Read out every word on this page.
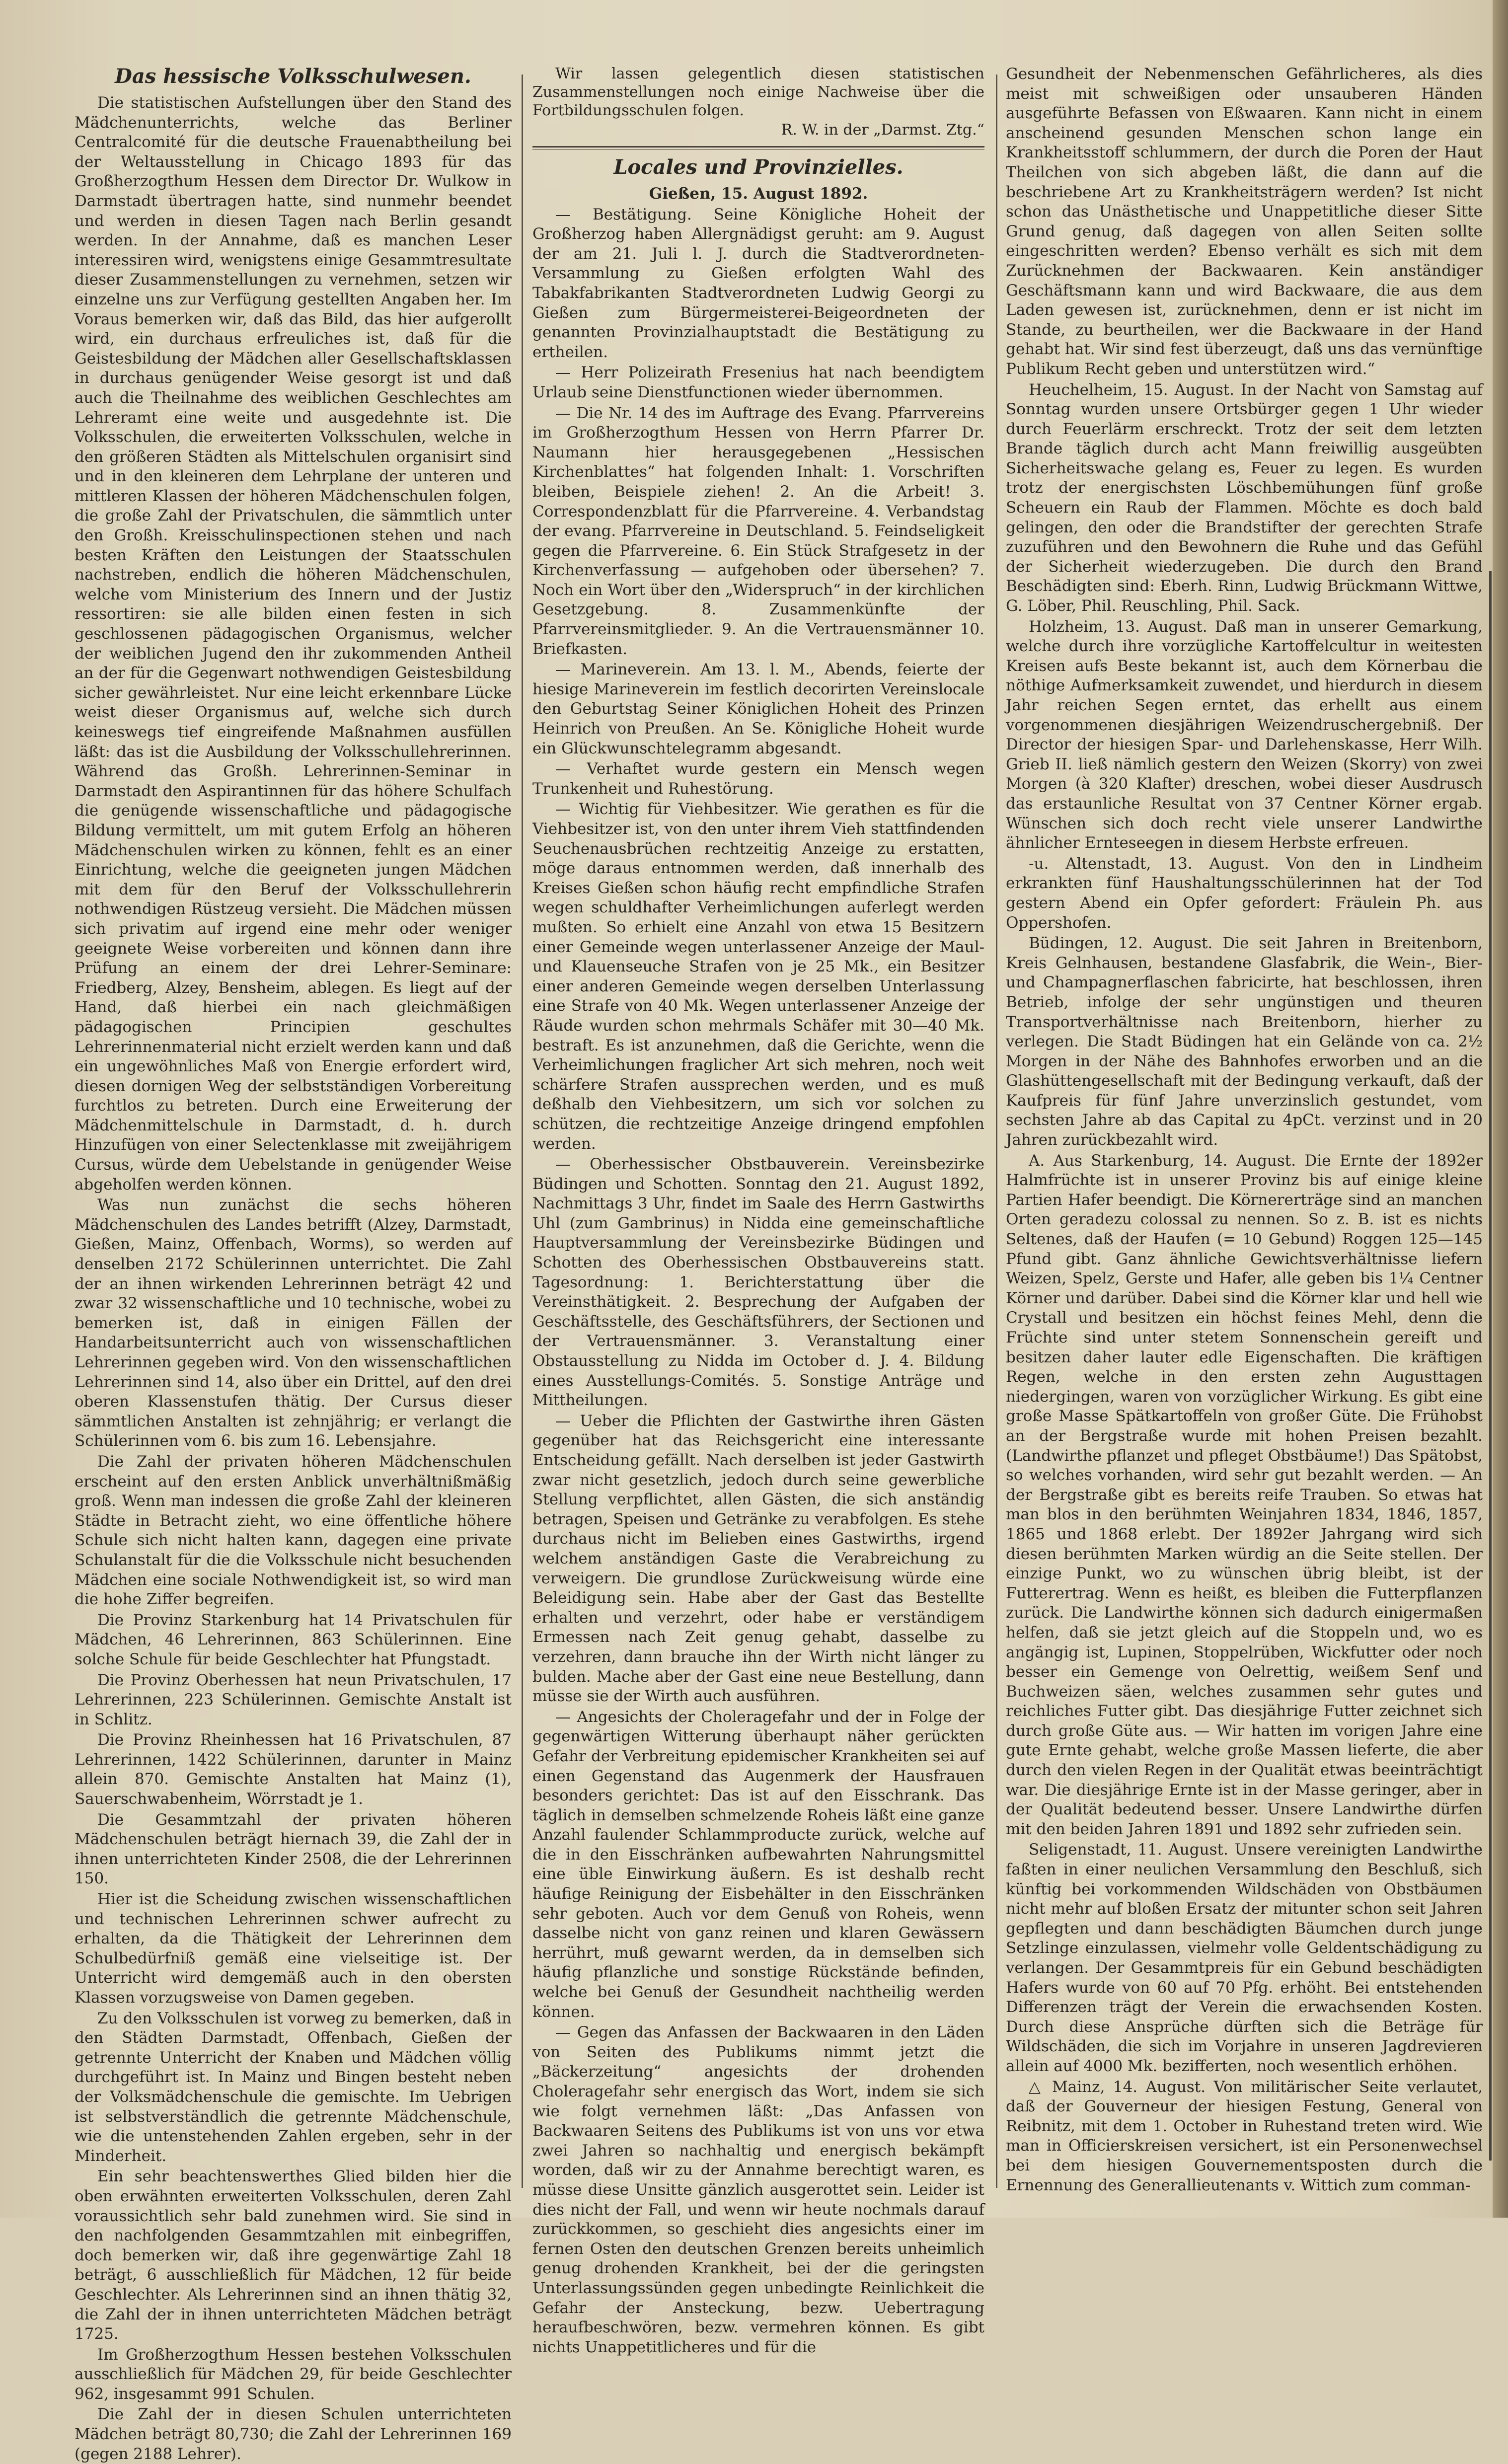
Das hessische Volksschulwesen.

Die statistischen Aufstellungen über den Stand des Mädchenunterrichts, welche das Berliner Centralcomité für die deutsche Frauenabtheilung bei der Weltausstellung in Chicago 1893 für das Großherzogthum Hessen dem Director Dr. Wulkow in Darmstadt übertragen hatte, sind nunmehr beendet und werden in diesen Tagen nach Berlin gesandt werden. In der Annahme, daß es manchen Leser interessiren wird, wenigstens einige Gesammtresultate dieser Zusammenstellungen zu vernehmen, setzen wir einzelne uns zur Verfügung gestellten Angaben her. Im Voraus bemerken wir, daß das Bild, das hier aufgerollt wird, ein durchaus erfreuliches ist, daß für die Geistesbildung der Mädchen aller Gesellschaftsklassen in durchaus genügender Weise gesorgt ist und daß auch die Theilnahme des weiblichen Geschlechtes am Lehreramt eine weite und ausgedehnte ist. Die Volksschulen, die erweiterten Volksschulen, welche in den größeren Städten als Mittelschulen organisirt sind und in den kleineren dem Lehrplane der unteren und mittleren Klassen der höheren Mädchenschulen folgen, die große Zahl der Privatschulen, die sämmtlich unter den Großh. Kreisschulinspectionen stehen und nach besten Kräften den Leistungen der Staatsschulen nachstreben, endlich die höheren Mädchenschulen, welche vom Ministerium des Innern und der Justiz ressortiren: sie alle bilden einen festen in sich geschlossenen pädagogischen Organismus, welcher der weiblichen Jugend den ihr zukommenden Antheil an der für die Gegenwart nothwendigen Geistesbildung sicher gewährleistet. Nur eine leicht erkennbare Lücke weist dieser Organismus auf, welche sich durch keineswegs tief eingreifende Maßnahmen ausfüllen läßt: das ist die Ausbildung der Volksschullehrerinnen. Während das Großh. Lehrerinnen-Seminar in Darmstadt den Aspirantinnen für das höhere Schulfach die genügende wissenschaftliche und pädagogische Bildung vermittelt, um mit gutem Erfolg an höheren Mädchenschulen wirken zu können, fehlt es an einer Einrichtung, welche die geeigneten jungen Mädchen mit dem für den Beruf der Volksschullehrerin nothwendigen Rüstzeug versieht. Die Mädchen müssen sich privatim auf irgend eine mehr oder weniger geeignete Weise vorbereiten und können dann ihre Prüfung an einem der drei Lehrer-Seminare: Friedberg, Alzey, Bensheim, ablegen. Es liegt auf der Hand, daß hierbei ein nach gleichmäßigen pädagogischen Principien geschultes Lehrerinnenmaterial nicht erzielt werden kann und daß ein ungewöhnliches Maß von Energie erfordert wird, diesen dornigen Weg der selbstständigen Vorbereitung furchtlos zu betreten. Durch eine Erweiterung der Mädchenmittelschule in Darmstadt, d. h. durch Hinzufügen von einer Selectenklasse mit zweijährigem Cursus, würde dem Uebelstande in genügender Weise abgeholfen werden können.

Was nun zunächst die sechs höheren Mädchenschulen des Landes betrifft (Alzey, Darmstadt, Gießen, Mainz, Offenbach, Worms), so werden auf denselben 2172 Schülerinnen unterrichtet. Die Zahl der an ihnen wirkenden Lehrerinnen beträgt 42 und zwar 32 wissenschaftliche und 10 technische, wobei zu bemerken ist, daß in einigen Fällen der Handarbeitsunterricht auch von wissenschaftlichen Lehrerinnen gegeben wird. Von den wissenschaftlichen Lehrerinnen sind 14, also über ein Drittel, auf den drei oberen Klassenstufen thätig. Der Cursus dieser sämmtlichen Anstalten ist zehnjährig; er verlangt die Schülerinnen vom 6. bis zum 16. Lebensjahre.

Die Zahl der privaten höheren Mädchenschulen erscheint auf den ersten Anblick unverhältnißmäßig groß. Wenn man indessen die große Zahl der kleineren Städte in Betracht zieht, wo eine öffentliche höhere Schule sich nicht halten kann, dagegen eine private Schulanstalt für die die Volksschule nicht besuchenden Mädchen eine sociale Nothwendigkeit ist, so wird man die hohe Ziffer begreifen.

Die Provinz Starkenburg hat 14 Privatschulen für Mädchen, 46 Lehrerinnen, 863 Schülerinnen. Eine solche Schule für beide Geschlechter hat Pfungstadt.

Die Provinz Oberhessen hat neun Privatschulen, 17 Lehrerinnen, 223 Schülerinnen. Gemischte Anstalt ist in Schlitz.

Die Provinz Rheinhessen hat 16 Privatschulen, 87 Lehrerinnen, 1422 Schülerinnen, darunter in Mainz allein 870. Gemischte Anstalten hat Mainz (1), Sauerschwabenheim, Wörrstadt je 1.

Die Gesammtzahl der privaten höheren Mädchenschulen beträgt hiernach 39, die Zahl der in ihnen unterrichteten Kinder 2508, die der Lehrerinnen 150.

Hier ist die Scheidung zwischen wissenschaftlichen und technischen Lehrerinnen schwer aufrecht zu erhalten, da die Thätigkeit der Lehrerinnen dem Schulbedürfniß gemäß eine vielseitige ist. Der Unterricht wird demgemäß auch in den obersten Klassen vorzugsweise von Damen gegeben.

Zu den Volksschulen ist vorweg zu bemerken, daß in den Städten Darmstadt, Offenbach, Gießen der getrennte Unterricht der Knaben und Mädchen völlig durchgeführt ist. In Mainz und Bingen besteht neben der Volksmädchenschule die gemischte. Im Uebrigen ist selbstverständlich die getrennte Mädchenschule, wie die untenstehenden Zahlen ergeben, sehr in der Minderheit.

Ein sehr beachtenswerthes Glied bilden hier die oben erwähnten erweiterten Volksschulen, deren Zahl voraussichtlich sehr bald zunehmen wird. Sie sind in den nachfolgenden Gesammtzahlen mit einbegriffen, doch bemerken wir, daß ihre gegenwärtige Zahl 18 beträgt, 6 ausschließlich für Mädchen, 12 für beide Geschlechter. Als Lehrerinnen sind an ihnen thätig 32, die Zahl der in ihnen unterrichteten Mädchen beträgt 1725.

Im Großherzogthum Hessen bestehen Volksschulen ausschließlich für Mädchen 29, für beide Geschlechter 962, insgesammt 991 Schulen.

Die Zahl der in diesen Schulen unterrichteten Mädchen beträgt 80,730; die Zahl der Lehrerinnen 169 (gegen 2188 Lehrer).

Wir lassen gelegentlich diesen statistischen Zusammenstellungen noch einige Nachweise über die Fortbildungsschulen folgen.

R. W. in der „Darmst. Ztg.“

Locales und Provinzielles.

Gießen, 15. August 1892.

— Bestätigung. Seine Königliche Hoheit der Großherzog haben Allergnädigst geruht: am 9. August der am 21. Juli l. J. durch die Stadtverordneten-Versammlung zu Gießen erfolgten Wahl des Tabakfabrikanten Stadtverordneten Ludwig Georgi zu Gießen zum Bürgermeisterei-Beigeordneten der genannten Provinzialhauptstadt die Bestätigung zu ertheilen.

— Herr Polizeirath Fresenius hat nach beendigtem Urlaub seine Dienstfunctionen wieder übernommen.

— Die Nr. 14 des im Auftrage des Evang. Pfarrvereins im Großherzogthum Hessen von Herrn Pfarrer Dr. Naumann hier herausgegebenen „Hessischen Kirchenblattes“ hat folgenden Inhalt: 1. Vorschriften bleiben, Beispiele ziehen! 2. An die Arbeit! 3. Correspondenzblatt für die Pfarrvereine. 4. Verbandstag der evang. Pfarrvereine in Deutschland. 5. Feindseligkeit gegen die Pfarrvereine. 6. Ein Stück Strafgesetz in der Kirchenverfassung — aufgehoben oder übersehen? 7. Noch ein Wort über den „Widerspruch“ in der kirchlichen Gesetzgebung. 8. Zusammenkünfte der Pfarrvereinsmitglieder. 9. An die Vertrauensmänner 10. Briefkasten.

— Marineverein. Am 13. l. M., Abends, feierte der hiesige Marineverein im festlich decorirten Vereinslocale den Geburtstag Seiner Königlichen Hoheit des Prinzen Heinrich von Preußen. An Se. Königliche Hoheit wurde ein Glückwunschtelegramm abgesandt.

— Verhaftet wurde gestern ein Mensch wegen Trunkenheit und Ruhestörung.

— Wichtig für Viehbesitzer. Wie gerathen es für die Viehbesitzer ist, von den unter ihrem Vieh stattfindenden Seuchenausbrüchen rechtzeitig Anzeige zu erstatten, möge daraus entnommen werden, daß innerhalb des Kreises Gießen schon häufig recht empfindliche Strafen wegen schuldhafter Verheimlichungen auferlegt werden mußten. So erhielt eine Anzahl von etwa 15 Besitzern einer Gemeinde wegen unterlassener Anzeige der Maul- und Klauenseuche Strafen von je 25 Mk., ein Besitzer einer anderen Gemeinde wegen derselben Unterlassung eine Strafe von 40 Mk. Wegen unterlassener Anzeige der Räude wurden schon mehrmals Schäfer mit 30—40 Mk. bestraft. Es ist anzunehmen, daß die Gerichte, wenn die Verheimlichungen fraglicher Art sich mehren, noch weit schärfere Strafen aussprechen werden, und es muß deßhalb den Viehbesitzern, um sich vor solchen zu schützen, die rechtzeitige Anzeige dringend empfohlen werden.

— Oberhessischer Obstbauverein. Vereinsbezirke Büdingen und Schotten. Sonntag den 21. August 1892, Nachmittags 3 Uhr, findet im Saale des Herrn Gastwirths Uhl (zum Gambrinus) in Nidda eine gemeinschaftliche Hauptversammlung der Vereinsbezirke Büdingen und Schotten des Oberhessischen Obstbauvereins statt. Tagesordnung: 1. Berichterstattung über die Vereinsthätigkeit. 2. Besprechung der Aufgaben der Geschäftsstelle, des Geschäftsführers, der Sectionen und der Vertrauensmänner. 3. Veranstaltung einer Obstausstellung zu Nidda im October d. J. 4. Bildung eines Ausstellungs-Comités. 5. Sonstige Anträge und Mittheilungen.

— Ueber die Pflichten der Gastwirthe ihren Gästen gegenüber hat das Reichsgericht eine interessante Entscheidung gefällt. Nach derselben ist jeder Gastwirth zwar nicht gesetzlich, jedoch durch seine gewerbliche Stellung verpflichtet, allen Gästen, die sich anständig betragen, Speisen und Getränke zu verabfolgen. Es stehe durchaus nicht im Belieben eines Gastwirths, irgend welchem anständigen Gaste die Verabreichung zu verweigern. Die grundlose Zurückweisung würde eine Beleidigung sein. Habe aber der Gast das Bestellte erhalten und verzehrt, oder habe er verständigem Ermessen nach Zeit genug gehabt, dasselbe zu verzehren, dann brauche ihn der Wirth nicht länger zu bulden. Mache aber der Gast eine neue Bestellung, dann müsse sie der Wirth auch ausführen.

— Angesichts der Choleragefahr und der in Folge der gegenwärtigen Witterung überhaupt näher gerückten Gefahr der Verbreitung epidemischer Krankheiten sei auf einen Gegenstand das Augenmerk der Hausfrauen besonders gerichtet: Das ist auf den Eisschrank. Das täglich in demselben schmelzende Roheis läßt eine ganze Anzahl faulender Schlammproducte zurück, welche auf die in den Eisschränken aufbewahrten Nahrungsmittel eine üble Einwirkung äußern. Es ist deshalb recht häufige Reinigung der Eisbehälter in den Eisschränken sehr geboten. Auch vor dem Genuß von Roheis, wenn dasselbe nicht von ganz reinen und klaren Gewässern herrührt, muß gewarnt werden, da in demselben sich häufig pflanzliche und sonstige Rückstände befinden, welche bei Genuß der Gesundheit nachtheilig werden können.

— Gegen das Anfassen der Backwaaren in den Läden von Seiten des Publikums nimmt jetzt die „Bäckerzeitung“ angesichts der drohenden Choleragefahr sehr energisch das Wort, indem sie sich wie folgt vernehmen läßt: „Das Anfassen von Backwaaren Seitens des Publikums ist von uns vor etwa zwei Jahren so nachhaltig und energisch bekämpft worden, daß wir zu der Annahme berechtigt waren, es müsse diese Unsitte gänzlich ausgerottet sein. Leider ist dies nicht der Fall, und wenn wir heute nochmals darauf zurückkommen, so geschieht dies angesichts einer im fernen Osten den deutschen Grenzen bereits unheimlich genug drohenden Krankheit, bei der die geringsten Unterlassungssünden gegen unbedingte Reinlichkeit die Gefahr der Ansteckung, bezw. Uebertragung heraufbeschwören, bezw. vermehren können. Es gibt nichts Unappetitlicheres und für die

Gesundheit der Nebenmenschen Gefährlicheres, als dies meist mit schweißigen oder unsauberen Händen ausgeführte Befassen von Eßwaaren. Kann nicht in einem anscheinend gesunden Menschen schon lange ein Krankheitsstoff schlummern, der durch die Poren der Haut Theilchen von sich abgeben läßt, die dann auf die beschriebene Art zu Krankheitsträgern werden? Ist nicht schon das Unästhetische und Unappetitliche dieser Sitte Grund genug, daß dagegen von allen Seiten sollte eingeschritten werden? Ebenso verhält es sich mit dem Zurücknehmen der Backwaaren. Kein anständiger Geschäftsmann kann und wird Backwaare, die aus dem Laden gewesen ist, zurücknehmen, denn er ist nicht im Stande, zu beurtheilen, wer die Backwaare in der Hand gehabt hat. Wir sind fest überzeugt, daß uns das vernünftige Publikum Recht geben und unterstützen wird.“

Heuchelheim, 15. August. In der Nacht von Samstag auf Sonntag wurden unsere Ortsbürger gegen 1 Uhr wieder durch Feuerlärm erschreckt. Trotz der seit dem letzten Brande täglich durch acht Mann freiwillig ausgeübten Sicherheitswache gelang es, Feuer zu legen. Es wurden trotz der energischsten Löschbemühungen fünf große Scheuern ein Raub der Flammen. Möchte es doch bald gelingen, den oder die Brandstifter der gerechten Strafe zuzuführen und den Bewohnern die Ruhe und das Gefühl der Sicherheit wiederzugeben. Die durch den Brand Beschädigten sind: Eberh. Rinn, Ludwig Brückmann Wittwe, G. Löber, Phil. Reuschling, Phil. Sack.

Holzheim, 13. August. Daß man in unserer Gemarkung, welche durch ihre vorzügliche Kartoffelcultur in weitesten Kreisen aufs Beste bekannt ist, auch dem Körnerbau die nöthige Aufmerksamkeit zuwendet, und hierdurch in diesem Jahr reichen Segen erntet, das erhellt aus einem vorgenommenen diesjährigen Weizendruschergebniß. Der Director der hiesigen Spar- und Darlehenskasse, Herr Wilh. Grieb II. ließ nämlich gestern den Weizen (Skorry) von zwei Morgen (à 320 Klafter) dreschen, wobei dieser Ausdrusch das erstaunliche Resultat von 37 Centner Körner ergab. Wünschen sich doch recht viele unserer Landwirthe ähnlicher Ernteseegen in diesem Herbste erfreuen.

-u. Altenstadt, 13. August. Von den in Lindheim erkrankten fünf Haushaltungsschülerinnen hat der Tod gestern Abend ein Opfer gefordert: Fräulein Ph. aus Oppershofen.

Büdingen, 12. August. Die seit Jahren in Breitenborn, Kreis Gelnhausen, bestandene Glasfabrik, die Wein-, Bier- und Champagnerflaschen fabricirte, hat beschlossen, ihren Betrieb, infolge der sehr ungünstigen und theuren Transportverhältnisse nach Breitenborn, hierher zu verlegen. Die Stadt Büdingen hat ein Gelände von ca. 2½ Morgen in der Nähe des Bahnhofes erworben und an die Glashüttengesellschaft mit der Bedingung verkauft, daß der Kaufpreis für fünf Jahre unverzinslich gestundet, vom sechsten Jahre ab das Capital zu 4pCt. verzinst und in 20 Jahren zurückbezahlt wird.

A. Aus Starkenburg, 14. August. Die Ernte der 1892er Halmfrüchte ist in unserer Provinz bis auf einige kleine Partien Hafer beendigt. Die Körnererträge sind an manchen Orten geradezu colossal zu nennen. So z. B. ist es nichts Seltenes, daß der Haufen (= 10 Gebund) Roggen 125—145 Pfund gibt. Ganz ähnliche Gewichtsverhältnisse liefern Weizen, Spelz, Gerste und Hafer, alle geben bis 1¼ Centner Körner und darüber. Dabei sind die Körner klar und hell wie Crystall und besitzen ein höchst feines Mehl, denn die Früchte sind unter stetem Sonnenschein gereift und besitzen daher lauter edle Eigenschaften. Die kräftigen Regen, welche in den ersten zehn Augusttagen niedergingen, waren von vorzüglicher Wirkung. Es gibt eine große Masse Spätkartoffeln von großer Güte. Die Frühobst an der Bergstraße wurde mit hohen Preisen bezahlt. (Landwirthe pflanzet und pfleget Obstbäume!) Das Spätobst, so welches vorhanden, wird sehr gut bezahlt werden. — An der Bergstraße gibt es bereits reife Trauben. So etwas hat man blos in den berühmten Weinjahren 1834, 1846, 1857, 1865 und 1868 erlebt. Der 1892er Jahrgang wird sich diesen berühmten Marken würdig an die Seite stellen. Der einzige Punkt, wo zu wünschen übrig bleibt, ist der Futterertrag. Wenn es heißt, es bleiben die Futterpflanzen zurück. Die Landwirthe können sich dadurch einigermaßen helfen, daß sie jetzt gleich auf die Stoppeln und, wo es angängig ist, Lupinen, Stoppelrüben, Wickfutter oder noch besser ein Gemenge von Oelrettig, weißem Senf und Buchweizen säen, welches zusammen sehr gutes und reichliches Futter gibt. Das diesjährige Futter zeichnet sich durch große Güte aus. — Wir hatten im vorigen Jahre eine gute Ernte gehabt, welche große Massen lieferte, die aber durch den vielen Regen in der Qualität etwas beeinträchtigt war. Die diesjährige Ernte ist in der Masse geringer, aber in der Qualität bedeutend besser. Unsere Landwirthe dürfen mit den beiden Jahren 1891 und 1892 sehr zufrieden sein.

Seligenstadt, 11. August. Unsere vereinigten Landwirthe faßten in einer neulichen Versammlung den Beschluß, sich künftig bei vorkommenden Wildschäden von Obstbäumen nicht mehr auf bloßen Ersatz der mitunter schon seit Jahren gepflegten und dann beschädigten Bäumchen durch junge Setzlinge einzulassen, vielmehr volle Geldentschädigung zu verlangen. Der Gesammtpreis für ein Gebund beschädigten Hafers wurde von 60 auf 70 Pfg. erhöht. Bei entstehenden Differenzen trägt der Verein die erwachsenden Kosten. Durch diese Ansprüche dürften sich die Beträge für Wildschäden, die sich im Vorjahre in unseren Jagdrevieren allein auf 4000 Mk. bezifferten, noch wesentlich erhöhen.

△ Mainz, 14. August. Von militärischer Seite verlautet, daß der Gouverneur der hiesigen Festung, General von Reibnitz, mit dem 1. October in Ruhestand treten wird. Wie man in Officierskreisen versichert, ist ein Personenwechsel bei dem hiesigen Gouvernementsposten durch die Ernennung des Generallieutenants v. Wittich zum comman-
